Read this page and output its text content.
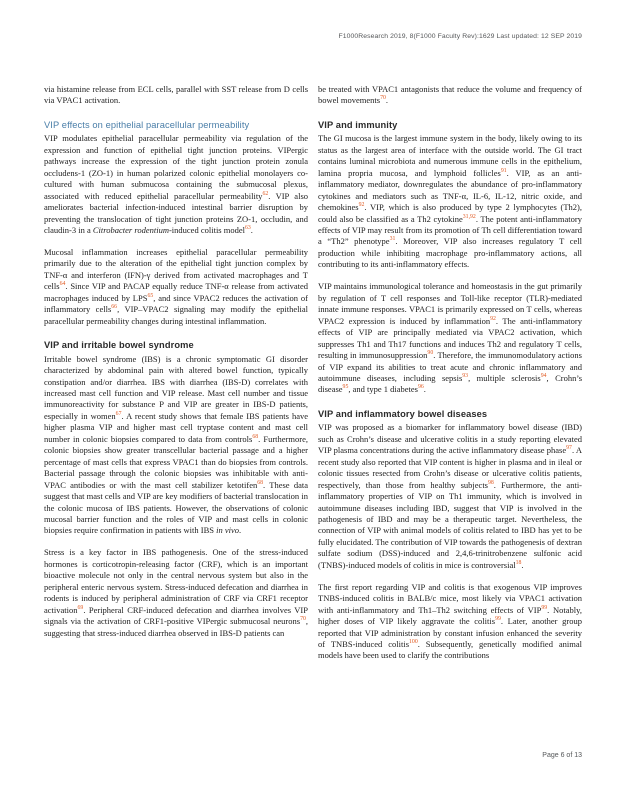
F1000Research 2019, 8(F1000 Faculty Rev):1629 Last updated: 12 SEP 2019

via histamine release from ECL cells, parallel with SST release from D cells via VPAC1 activation.

VIP effects on epithelial paracellular permeability

VIP modulates epithelial paracellular permeability via regulation of the expression and function of epithelial tight junction proteins. VIPergic pathways increase the expression of the tight junction protein zonula occludens-1 (ZO-1) in human polarized colonic epithelial monolayers co-cultured with human submucosa containing the submucosal plexus, associated with reduced epithelial paracellular permeability$^{62}$. VIP also ameliorates bacterial infection-induced intestinal barrier disruption by preventing the translocation of tight junction proteins ZO-1, occludin, and claudin-3 in a Citrobacter rodentium-induced colitis model$^{63}$.

Mucosal inflammation increases epithelial paracellular permeability primarily due to the alteration of the epithelial tight junction complex by TNF-α and interferon (IFN)-γ derived from activated macrophages and T cells$^{64}$. Since VIP and PACAP equally reduce TNF-α release from activated macrophages induced by LPS$^{65}$, and since VPAC2 reduces the activation of inflammatory cells$^{66}$, VIP–VPAC2 signaling may modify the epithelial paracellular permeability changes during intestinal inflammation.

VIP and irritable bowel syndrome

Irritable bowel syndrome (IBS) is a chronic symptomatic GI disorder characterized by abdominal pain with altered bowel function, typically constipation and/or diarrhea. IBS with diarrhea (IBS-D) correlates with increased mast cell function and VIP release. Mast cell number and tissue immunoreactivity for substance P and VIP are greater in IBS-D patients, especially in women$^{67}$. A recent study shows that female IBS patients have higher plasma VIP and higher mast cell tryptase content and mast cell number in colonic biopsies compared to data from controls$^{68}$. Furthermore, colonic biopsies show greater transcellular bacterial passage and a higher percentage of mast cells that express VPAC1 than do biopsies from controls. Bacterial passage through the colonic biopsies was inhibitable with anti-VPAC antibodies or with the mast cell stabilizer ketotifen$^{68}$. These data suggest that mast cells and VIP are key modifiers of bacterial translocation in the colonic mucosa of IBS patients. However, the observations of colonic mucosal barrier function and the roles of VIP and mast cells in colonic biopsies require confirmation in patients with IBS in vivo.

Stress is a key factor in IBS pathogenesis. One of the stress-induced hormones is corticotropin-releasing factor (CRF), which is an important bioactive molecule not only in the central nervous system but also in the peripheral enteric nervous system. Stress-induced defecation and diarrhea in rodents is induced by peripheral administration of CRF via CRF1 receptor activation$^{69}$. Peripheral CRF-induced defecation and diarrhea involves VIP signals via the activation of CRF1-positive VIPergic submucosal neurons$^{70}$, suggesting that stress-induced diarrhea observed in IBS-D patients can

be treated with VPAC1 antagonists that reduce the volume and frequency of bowel movements$^{70}$.

VIP and immunity

The GI mucosa is the largest immune system in the body, likely owing to its status as the largest area of interface with the outside world. The GI tract contains luminal microbiota and numerous immune cells in the epithelium, lamina propria mucosa, and lymphoid follicles$^{91}$. VIP, as an anti-inflammatory mediator, downregulates the abundance of pro-inflammatory cytokines and mediators such as TNF-α, IL-6, IL-12, nitric oxide, and chemokines$^{92}$. VIP, which is also produced by type 2 lymphocytes (Th2), could also be classified as a Th2 cytokine$^{31,92}$. The potent anti-inflammatory effects of VIP may result from its promotion of Th cell differentiation toward a “Th2” phenotype$^{31}$. Moreover, VIP also increases regulatory T cell production while inhibiting macrophage pro-inflammatory actions, all contributing to its anti-inflammatory effects.

VIP maintains immunological tolerance and homeostasis in the gut primarily by regulation of T cell responses and Toll-like receptor (TLR)-mediated innate immune responses. VPAC1 is primarily expressed on T cells, whereas VPAC2 expression is induced by inflammation$^{92}$. The anti-inflammatory effects of VIP are principally mediated via VPAC2 activation, which suppresses Th1 and Th17 functions and induces Th2 and regulatory T cells, resulting in immunosuppression$^{90}$. Therefore, the immunomodulatory actions of VIP expand its abilities to treat acute and chronic inflammatory and autoimmune diseases, including sepsis$^{93}$, multiple sclerosis$^{94}$, Crohn’s disease$^{95}$, and type 1 diabetes$^{96}$.

VIP and inflammatory bowel diseases

VIP was proposed as a biomarker for inflammatory bowel disease (IBD) such as Crohn’s disease and ulcerative colitis in a study reporting elevated VIP plasma concentrations during the active inflammatory disease phase$^{97}$. A recent study also reported that VIP content is higher in plasma and in ileal or colonic tissues resected from Crohn’s disease or ulcerative colitis patients, respectively, than those from healthy subjects$^{98}$. Furthermore, the anti-inflammatory properties of VIP on Th1 immunity, which is involved in autoimmune diseases including IBD, suggest that VIP is involved in the pathogenesis of IBD and may be a therapeutic target. Nevertheless, the connection of VIP with animal models of colitis related to IBD has yet to be fully elucidated. The contribution of VIP towards the pathogenesis of dextran sulfate sodium (DSS)-induced and 2,4,6-trinitrobenzene sulfonic acid (TNBS)-induced models of colitis in mice is controversial$^{18}$.

The first report regarding VIP and colitis is that exogenous VIP improves TNBS-induced colitis in BALB/c mice, most likely via VPAC1 activation with anti-inflammatory and Th1–Th2 switching effects of VIP$^{99}$. Notably, higher doses of VIP likely aggravate the colitis$^{99}$. Later, another group reported that VIP administration by constant infusion enhanced the severity of TNBS-induced colitis$^{100}$. Subsequently, genetically modified animal models have been used to clarify the contributions

Page 6 of 13
